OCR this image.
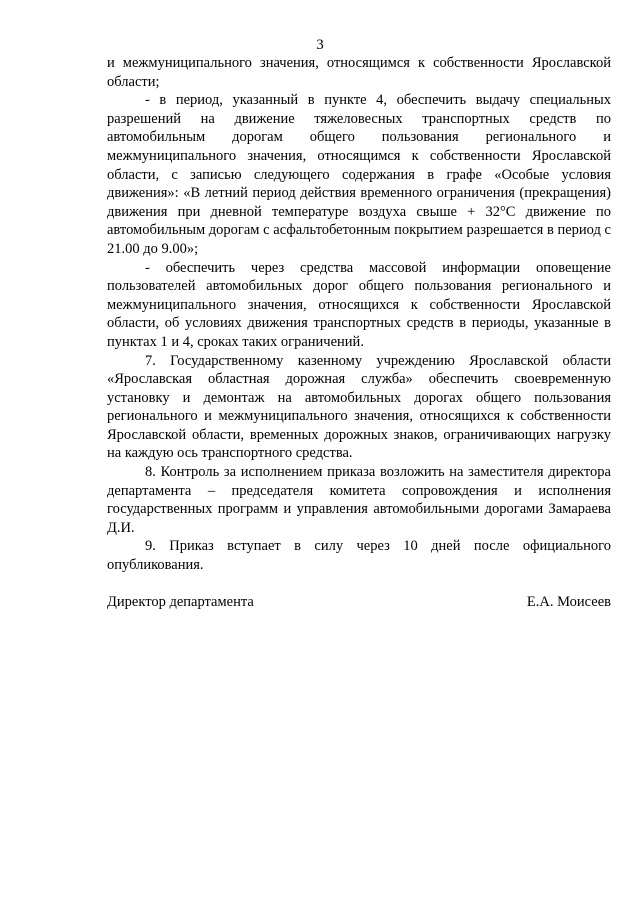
3

и межмуниципального значения, относящимся к собственности Ярославской области;

- в период, указанный в пункте 4, обеспечить выдачу специальных разрешений на движение тяжеловесных транспортных средств по автомобильным дорогам общего пользования регионального и межмуниципального значения, относящимся к собственности Ярославской области, с записью следующего содержания в графе «Особые условия движения»: «В летний период действия временного ограничения (прекращения) движения при дневной температуре воздуха свыше + 32°С движение по автомобильным дорогам с асфальтобетонным покрытием разрешается в период с 21.00 до 9.00»;

- обеспечить через средства массовой информации оповещение пользователей автомобильных дорог общего пользования регионального и межмуниципального значения, относящихся к собственности Ярославской области, об условиях движения транспортных средств в периоды, указанные в пунктах 1 и 4, сроках таких ограничений.

7. Государственному казенному учреждению Ярославской области «Ярославская областная дорожная служба» обеспечить своевременную установку и демонтаж на автомобильных дорогах общего пользования регионального и межмуниципального значения, относящихся к собственности Ярославской области, временных дорожных знаков, ограничивающих нагрузку на каждую ось транспортного средства.

8. Контроль за исполнением приказа возложить на заместителя директора департамента – председателя комитета сопровождения и исполнения государственных программ и управления автомобильными дорогами Замараева Д.И.

9. Приказ вступает в силу через 10 дней после официального опубликования.

Директор департамента	Е.А. Моисеев
